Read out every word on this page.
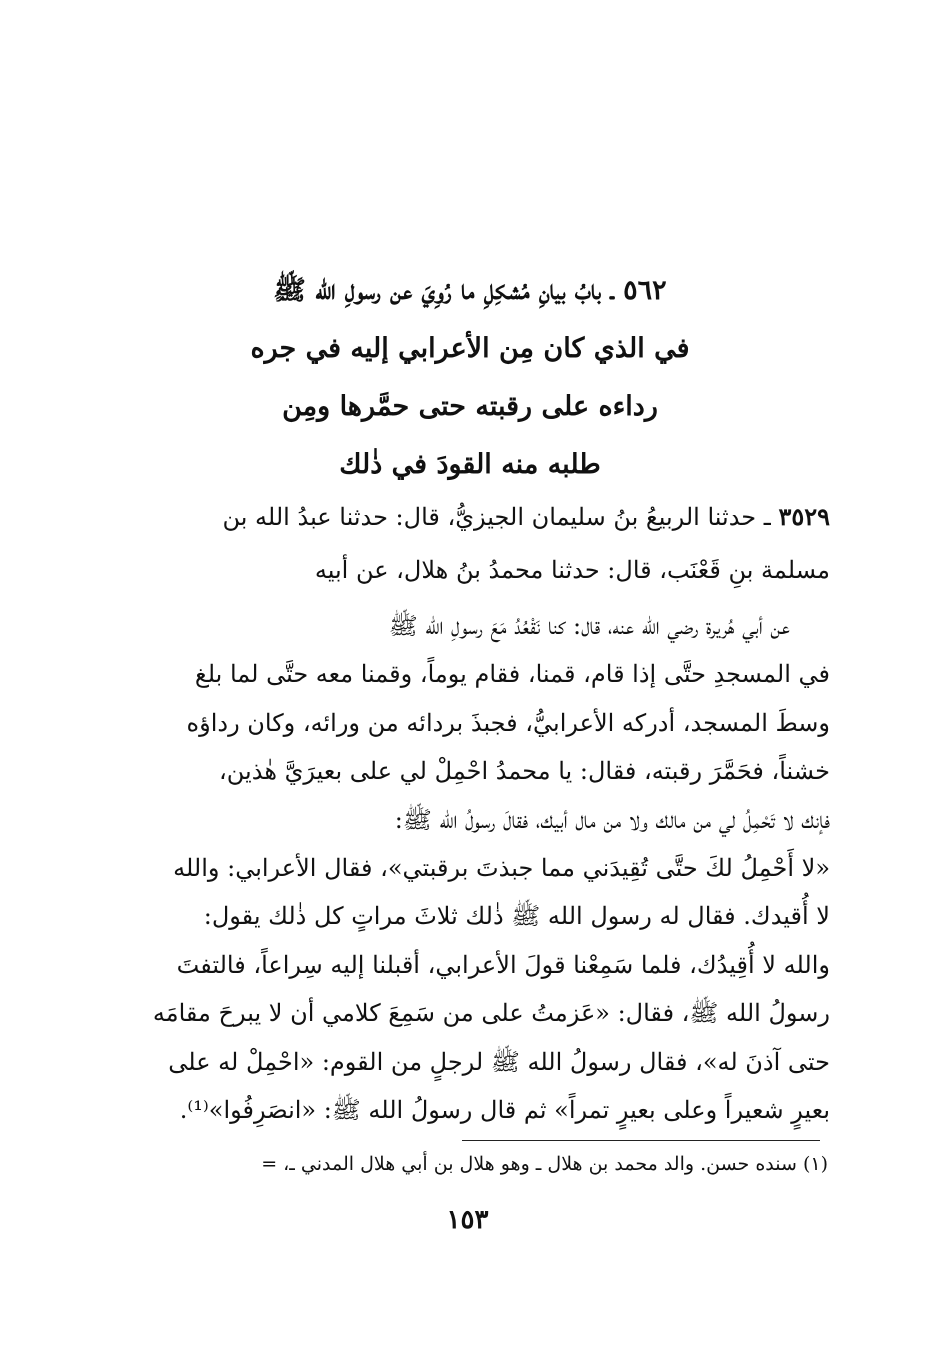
٥٦٢ ـ بابُ بيانِ مُشكِلِ ما رُوِيَ عن رسولِ الله ﷺ
في الذي كان مِن الأعرابي إليه في جره
رداءه على رقبته حتى حمَّرها ومِن
طلبه منه القودَ في ذٰلك
٣٥٢٩ ـ حدثنا الربيعُ بنُ سليمان الجيزيُّ، قال: حدثنا عبدُ الله بن
مسلمة بنِ قَعْنَب، قال: حدثنا محمدُ بنُ هلال، عن أبيه
عن أبي هُريرة رضي الله عنه، قال: كنا نَقْعُدُ مَعَ رسولِ الله ﷺ
في المسجدِ حتَّى إذا قام، قمنا، فقام يوماً، وقمنا معه حتَّى لما بلغ
وسطَ المسجد، أدركه الأعرابيُّ، فجبذَ بردائه من ورائه، وكان رداؤه
خشناً، فحَمَّرَ رقبته، فقال: يا محمدُ احْمِلْ لي على بعيرَيَّ هٰذين،
فإنك لا تَحْمِلُ لي من مالك ولا من مال أبيك، فقالَ رسولُ الله ﷺ:
«لا أَحْمِلُ لكَ حتَّى تُقِيدَني مما جبذتَ برقبتي»، فقال الأعرابي: والله
لا أُقيدك. فقال له رسول الله ﷺ ذٰلك ثلاثَ مراتٍ كل ذٰلك يقول:
والله لا أُقِيدُك، فلما سَمِعْنا قولَ الأعرابي، أقبلنا إليه سِراعاً، فالتفتَ
رسولُ الله ﷺ، فقال: «عَزمتُ على من سَمِعَ كلامي أن لا يبرحَ مقامَه
حتى آذنَ له»، فقال رسولُ الله ﷺ لرجلٍ من القوم: «احْمِلْ له على
بعيرٍ شعيراً وعلى بعيرٍ تمراً» ثم قال رسولُ الله ﷺ: «انصَرِفُوا»⁽¹⁾.
(١) سنده حسن. والد محمد بن هلال ـ وهو هلال بن أبي هلال المدني ـ، =
١٥٣
